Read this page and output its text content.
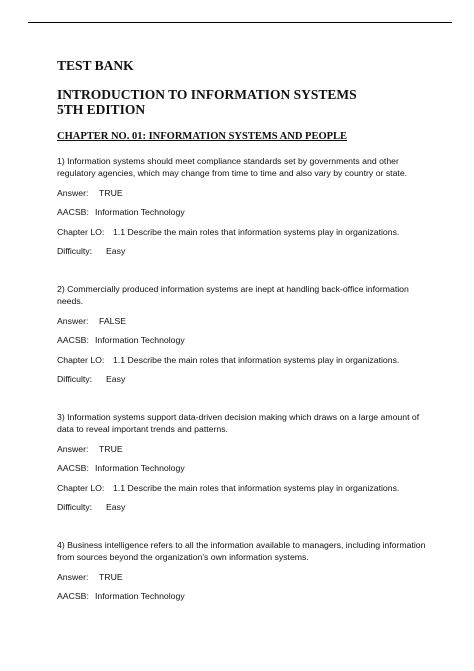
TEST BANK
INTRODUCTION TO INFORMATION SYSTEMS
5TH EDITION
CHAPTER NO. 01: INFORMATION SYSTEMS AND PEOPLE

1) Information systems should meet compliance standards set by governments and other regulatory agencies, which may change from time to time and also vary by country or state.

Answer: TRUE
AACSB: Information Technology
Chapter LO: 1.1 Describe the main roles that information systems play in organizations.
Difficulty: Easy

2) Commercially produced information systems are inept at handling back-office information needs.

Answer: FALSE
AACSB: Information Technology
Chapter LO: 1.1 Describe the main roles that information systems play in organizations.
Difficulty: Easy

3) Information systems support data-driven decision making which draws on a large amount of data to reveal important trends and patterns.

Answer: TRUE
AACSB: Information Technology
Chapter LO: 1.1 Describe the main roles that information systems play in organizations.
Difficulty: Easy

4) Business intelligence refers to all the information available to managers, including information from sources beyond the organization's own information systems.

Answer: TRUE
AACSB: Information Technology
